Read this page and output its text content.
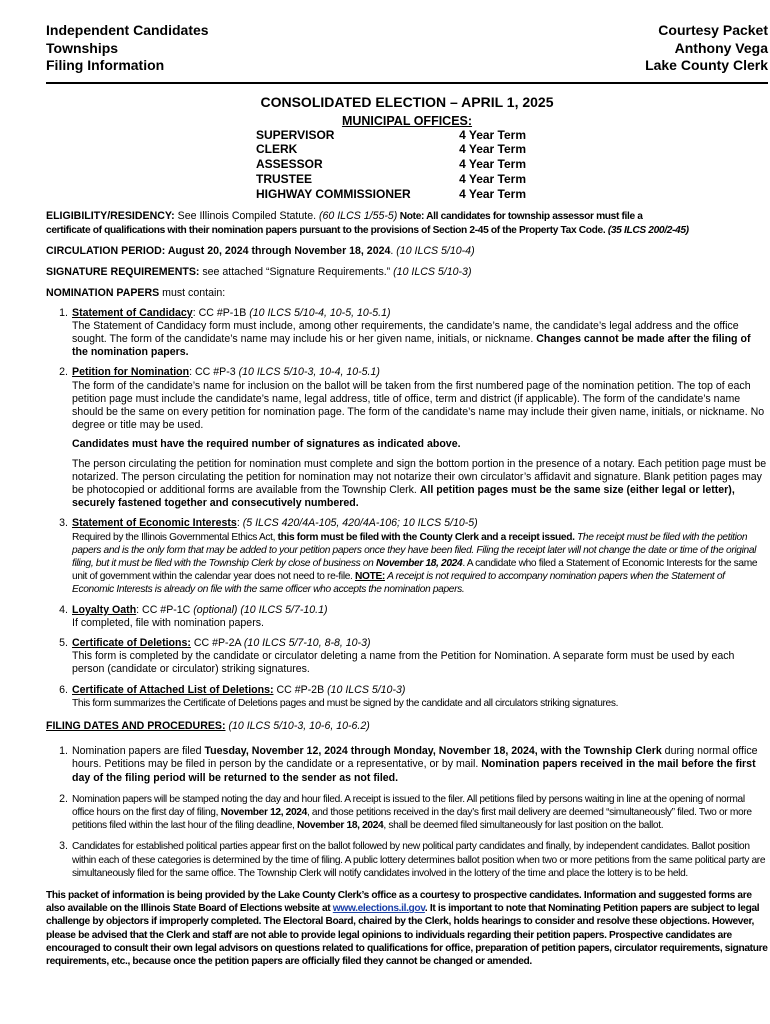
Independent Candidates
Townships
Filing Information
Courtesy Packet
Anthony Vega
Lake County Clerk
CONSOLIDATED ELECTION – APRIL 1, 2025
MUNICIPAL OFFICES:
SUPERVISOR	4 Year Term
CLERK	4 Year Term
ASSESSOR	4 Year Term
TRUSTEE	4 Year Term
HIGHWAY COMMISSIONER	4 Year Term

ELIGIBILITY/RESIDENCY: See Illinois Compiled Statute. (60 ILCS 1/55-5) Note: All candidates for township assessor must file a
certificate of qualifications with their nomination papers pursuant to the provisions of Section 2-45 of the Property Tax Code. (35 ILCS 200/2-45)

CIRCULATION PERIOD: August 20, 2024 through November 18, 2024. (10 ILCS 5/10-4)

SIGNATURE REQUIREMENTS: see attached “Signature Requirements.” (10 ILCS 5/10-3)

NOMINATION PAPERS must contain:

1. Statement of Candidacy: CC #P-1B (10 ILCS 5/10-4, 10-5, 10-5.1)
The Statement of Candidacy form must include, among other requirements, the candidate’s name, the candidate’s legal address and the office sought. The form of the candidate’s name may include his or her given name, initials, or nickname. Changes cannot be made after the filing of the nomination papers.
2. Petition for Nomination: CC #P-3 (10 ILCS 5/10-3, 10-4, 10-5.1)
The form of the candidate’s name for inclusion on the ballot will be taken from the first numbered page of the nomination petition. The top of each petition page must include the candidate’s name, legal address, title of office, term and district (if applicable). The form of the candidate’s name should be the same on every petition for nomination page. The form of the candidate’s name may include their given name, initials, or nickname. No degree or title may be used.
Candidates must have the required number of signatures as indicated above.
The person circulating the petition for nomination must complete and sign the bottom portion in the presence of a notary. Each petition page must be notarized. The person circulating the petition for nomination may not notarize their own circulator’s affidavit and signature. Blank petition pages may be photocopied or additional forms are available from the Township Clerk. All petition pages must be the same size (either legal or letter), securely fastened together and consecutively numbered.
3. Statement of Economic Interests: (5 ILCS 420/4A-105, 420/4A-106; 10 ILCS 5/10-5)
Required by the Illinois Governmental Ethics Act, this form must be filed with the County Clerk and a receipt issued. The receipt must be filed with the petition papers and is the only form that may be added to your petition papers once they have been filed. Filing the receipt later will not change the date or time of the original filing, but it must be filed with the Township Clerk by close of business on November 18, 2024. A candidate who filed a Statement of Economic Interests for the same unit of government within the calendar year does not need to re-file. NOTE: A receipt is not required to accompany nomination papers when the Statement of Economic Interests is already on file with the same officer who accepts the nomination papers.
4. Loyalty Oath: CC #P-1C (optional) (10 ILCS 5/7-10.1)
If completed, file with nomination papers.
5. Certificate of Deletions: CC #P-2A (10 ILCS 5/7-10, 8-8, 10-3)
This form is completed by the candidate or circulator deleting a name from the Petition for Nomination. A separate form must be used by each person (candidate or circulator) striking signatures.
6. Certificate of Attached List of Deletions: CC #P-2B (10 ILCS 5/10-3)
This form summarizes the Certificate of Deletions pages and must be signed by the candidate and all circulators striking signatures.

FILING DATES AND PROCEDURES: (10 ILCS 5/10-3, 10-6, 10-6.2)

1. Nomination papers are filed Tuesday, November 12, 2024 through Monday, November 18, 2024, with the Township Clerk during normal office hours. Petitions may be filed in person by the candidate or a representative, or by mail. Nomination papers received in the mail before the first day of the filing period will be returned to the sender as not filed.
2. Nomination papers will be stamped noting the day and hour filed. A receipt is issued to the filer. All petitions filed by persons waiting in line at the opening of normal office hours on the first day of filing, November 12, 2024, and those petitions received in the day’s first mail delivery are deemed “simultaneously” filed. Two or more petitions filed within the last hour of the filing deadline, November 18, 2024, shall be deemed filed simultaneously for last position on the ballot.
3. Candidates for established political parties appear first on the ballot followed by new political party candidates and finally, by independent candidates. Ballot position within each of these categories is determined by the time of filing. A public lottery determines ballot position when two or more petitions from the same political party are simultaneously filed for the same office. The Township Clerk will notify candidates involved in the lottery of the time and place the lottery is to be held.

This packet of information is being provided by the Lake County Clerk’s office as a courtesy to prospective candidates. Information and suggested forms are also available on the Illinois State Board of Elections website at www.elections.il.gov. It is important to note that Nominating Petition papers are subject to legal challenge by objectors if improperly completed. The Electoral Board, chaired by the Clerk, holds hearings to consider and resolve these objections. However, please be advised that the Clerk and staff are not able to provide legal opinions to individuals regarding their petition papers. Prospective candidates are encouraged to consult their own legal advisors on questions related to qualifications for office, preparation of petition papers, circulator requirements, signature requirements, etc., because once the petition papers are officially filed they cannot be changed or amended.
